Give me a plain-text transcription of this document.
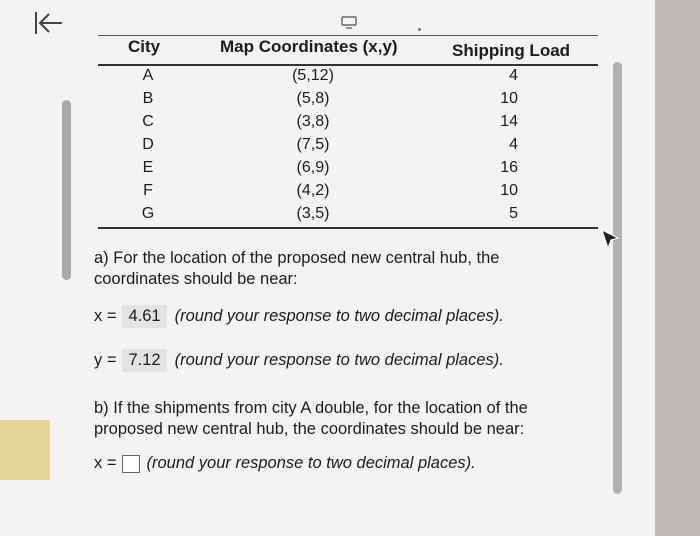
City	Map Coordinates (x,y)	Shipping Load
A	(5,12)	4
B	(5,8)	10
C	(3,8)	14
D	(7,5)	4
E	(6,9)	16
F	(4,2)	10
G	(3,5)	5
a) For the location of the proposed new central hub, the coordinates should be near:
x = 4.61 (round your response to two decimal places).
y = 7.12 (round your response to two decimal places).
b) If the shipments from city A double, for the location of the proposed new central hub, the coordinates should be near:
x = (round your response to two decimal places).
